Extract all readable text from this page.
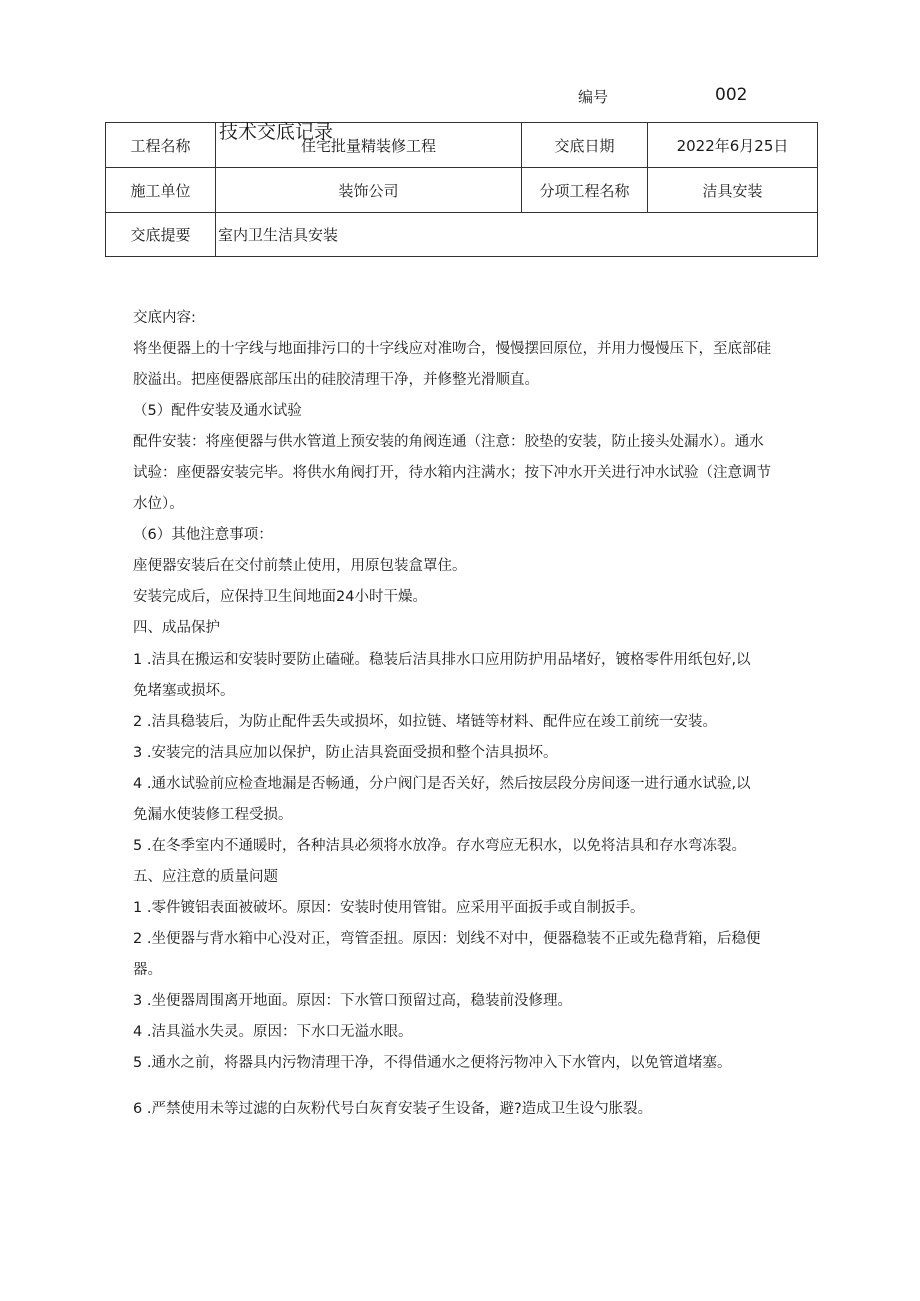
编号	002
工程名称	住宅批量精装修工程	交底日期	2022年6月25日
施工单位	装饰公司	分项工程名称	洁具安装
交底提要	室内卫生洁具安装		
技术交底记录
交底内容:
将坐便器上的十字线与地面排污口的十字线应对准吻合，慢慢摆回原位，并用力慢慢压下，至底部硅
胶溢出。把座便器底部压出的硅胶清理干净，并修整光滑顺直。
（5）配件安装及通水试验
配件安装：将座便器与供水管道上预安装的角阀连通（注意：胶垫的安装，防止接头处漏水）。通水
试验：座便器安装完毕。将供水角阀打开，待水箱内注满水；按下冲水开关进行冲水试验（注意调节
水位）。
（6）其他注意事项：
座便器安装后在交付前禁止使用，用原包装盒罩住。
安装完成后，应保持卫生间地面24小时干燥。
四、成品保护
1 .洁具在搬运和安装时要防止磕碰。稳装后洁具排水口应用防护用品堵好，镀格零件用纸包好,以
免堵塞或损坏。
2 .洁具稳装后，为防止配件丢失或损坏，如拉链、堵链等材料、配件应在竣工前统一安装。
3 .安装完的洁具应加以保护，防止洁具瓷面受损和整个洁具损坏。
4 .通水试验前应检查地漏是否畅通，分户阀门是否关好，然后按层段分房间逐一进行通水试验,以
免漏水使装修工程受损。
5 .在冬季室内不通暖时，各种洁具必须将水放净。存水弯应无积水，以免将洁具和存水弯冻裂。
五、应注意的质量问题
1 .零件镀铝表面被破坏。原因：安装时使用管钳。应采用平面扳手或自制扳手。
2 .坐便器与背水箱中心没对正，弯管歪扭。原因：划线不对中，便器稳装不正或先稳背箱，后稳便
器。
3 .坐便器周围离开地面。原因：下水管口预留过高，稳装前没修理。
4 .洁具溢水失灵。原因：下水口无溢水眼。
5 .通水之前，将器具内污物清理干净，不得借通水之便将污物冲入下水管内，以免管道堵塞。
6 .严禁使用未等过滤的白灰粉代号白灰育安装孑生设备，避?造成卫生设勺胀裂。
